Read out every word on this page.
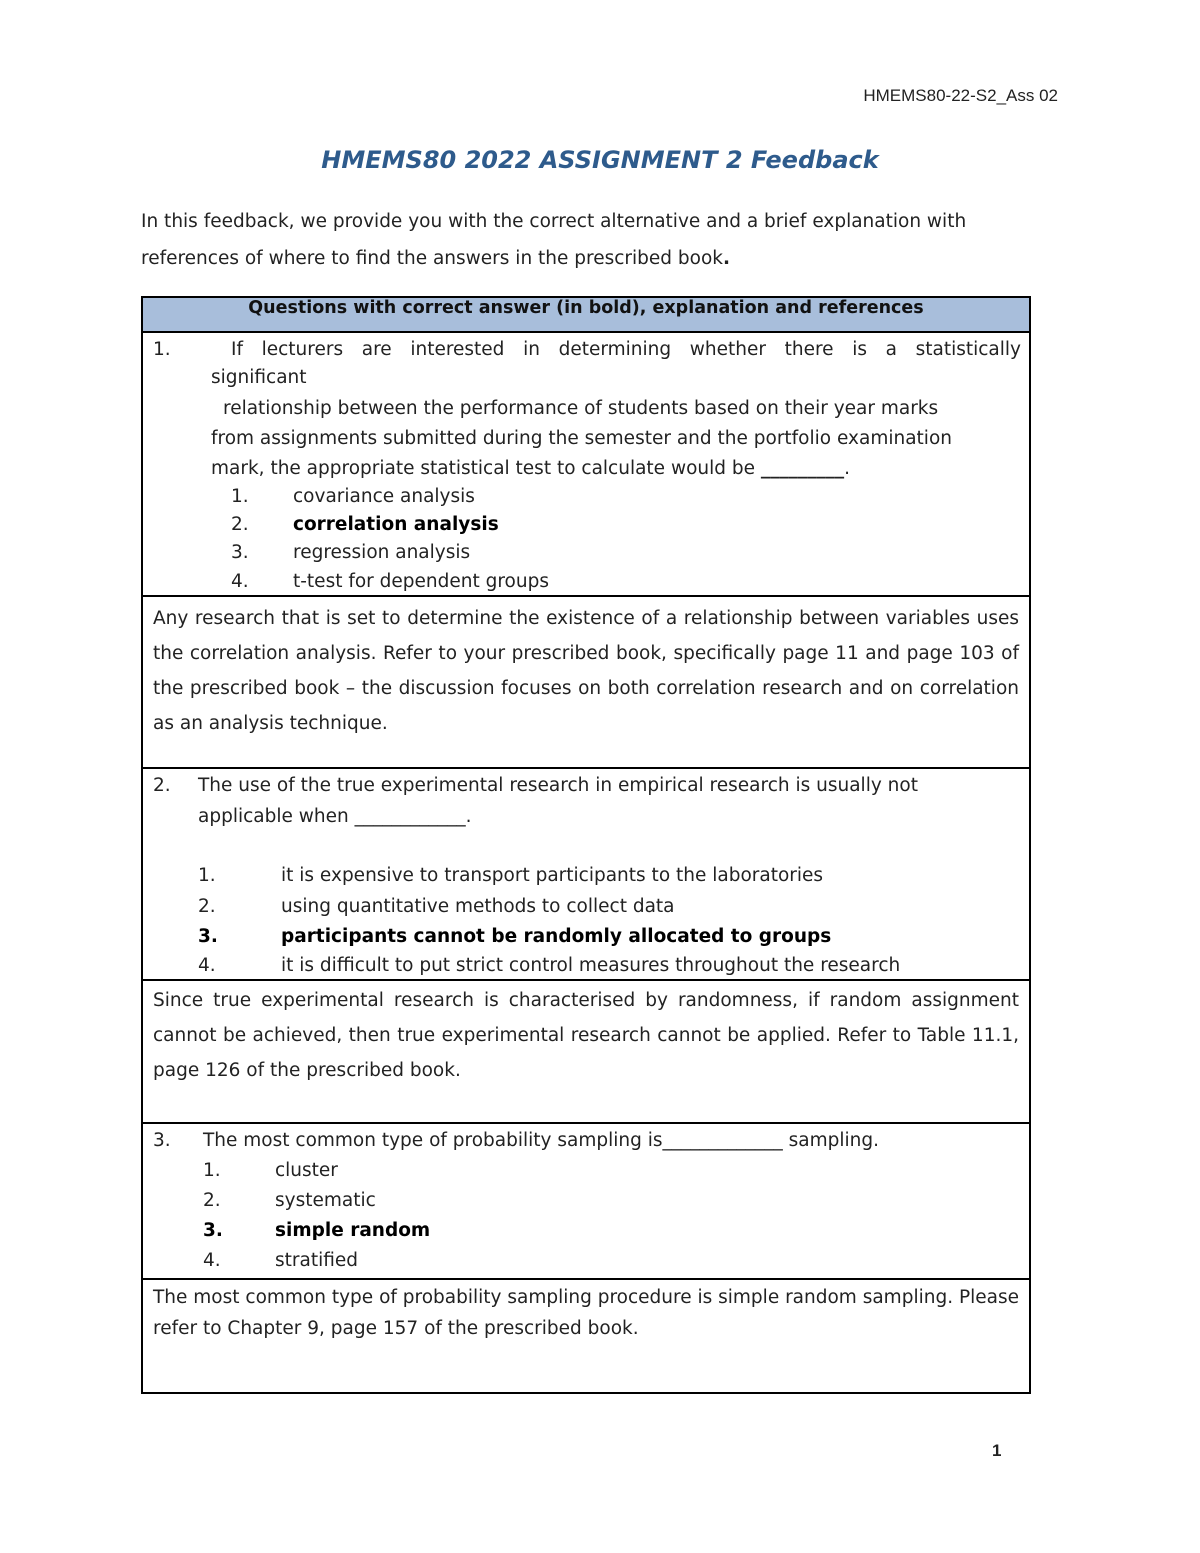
HMEMS80-22-S2_Ass 02
HMEMS80 2022 ASSIGNMENT 2 Feedback
In this feedback, we provide you with the correct alternative and a brief explanation with references of where to find the answers in the prescribed book.
Questions with correct answer (in bold), explanation and references

1.	If lecturers are interested in determining whether there is a statistically
significant
relationship between the performance of students based on their year marks
from assignments submitted during the semester and the portfolio examination
mark, the appropriate statistical test to calculate would be _________.
1. covariance analysis
2. correlation analysis
3. regression analysis
4. t-test for dependent groups

Any research that is set to determine the existence of a relationship between variables uses the correlation analysis. Refer to your prescribed book, specifically page 11 and page 103 of the prescribed book – the discussion focuses on both correlation research and on correlation as an analysis technique.

2. The use of the true experimental research in empirical research is usually not
applicable when ____________.
1.	it is expensive to transport participants to the laboratories
2.	using quantitative methods to collect data
3.	participants cannot be randomly allocated to groups
4.	it is difficult to put strict control measures throughout the research

Since true experimental research is characterised by randomness, if random assignment cannot be achieved, then true experimental research cannot be applied. Refer to Table 11.1, page 126 of the prescribed book.

3. The most common type of probability sampling is_____________ sampling.
1.	cluster
2.	systematic
3.	simple random
4.	stratified

The most common type of probability sampling procedure is simple random sampling. Please refer to Chapter 9, page 157 of the prescribed book.
1
